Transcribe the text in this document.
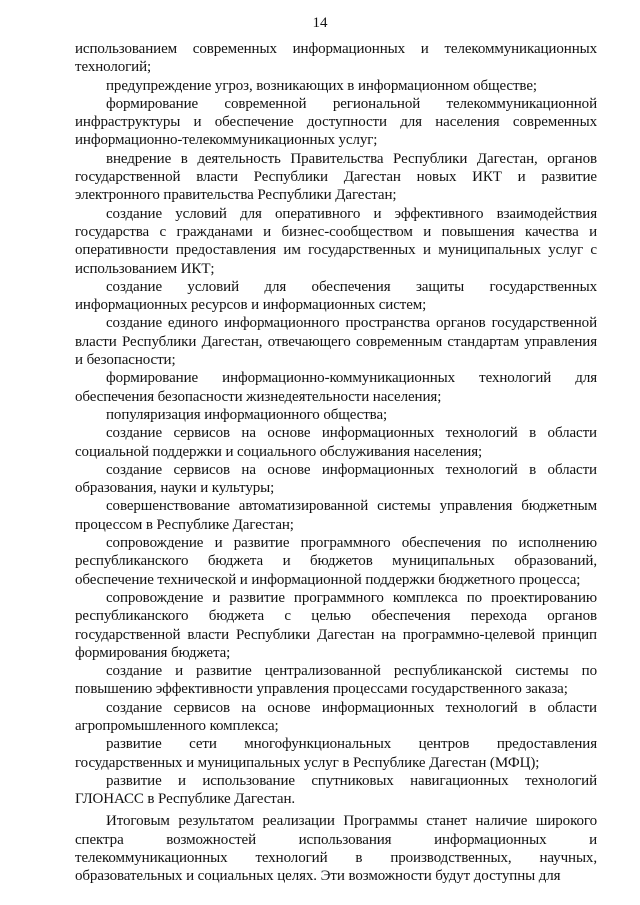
14

использованием современных информационных и телекоммуникационных технологий;

предупреждение угроз, возникающих в информационном обществе;

формирование современной региональной телекоммуникационной инфраструктуры и обеспечение доступности для населения современных информационно-телекоммуникационных услуг;

внедрение в деятельность Правительства Республики Дагестан, органов государственной власти Республики Дагестан новых ИКТ и развитие электронного правительства Республики Дагестан;

создание условий для оперативного и эффективного взаимодействия государства с гражданами и бизнес-сообществом и повышения качества и оперативности предоставления им государственных и муниципальных услуг с использованием ИКТ;

создание условий для обеспечения защиты государственных информационных ресурсов и информационных систем;

создание единого информационного пространства органов государственной власти Республики Дагестан, отвечающего современным стандартам управления и безопасности;

формирование информационно-коммуникационных технологий для обеспечения безопасности жизнедеятельности населения;

популяризация информационного общества;

создание сервисов на основе информационных технологий в области социальной поддержки и социального обслуживания населения;

создание сервисов на основе информационных технологий в области образования, науки и культуры;

совершенствование автоматизированной системы управления бюджетным процессом в Республике Дагестан;

сопровождение и развитие программного обеспечения по исполнению республиканского бюджета и бюджетов муниципальных образований, обеспечение технической и информационной поддержки бюджетного процесса;

сопровождение и развитие программного комплекса по проектированию республиканского бюджета с целью обеспечения перехода органов государственной власти Республики Дагестан на программно-целевой принцип формирования бюджета;

создание и развитие централизованной республиканской системы по повышению эффективности управления процессами государственного заказа;

создание сервисов на основе информационных технологий в области агропромышленного комплекса;

развитие сети многофункциональных центров предоставления государственных и муниципальных услуг в Республике Дагестан (МФЦ);

развитие и использование спутниковых навигационных технологий ГЛОНАСС в Республике Дагестан.

Итоговым результатом реализации Программы станет наличие широкого спектра возможностей использования информационных и телекоммуникационных технологий в производственных, научных, образовательных и социальных целях. Эти возможности будут доступны для
